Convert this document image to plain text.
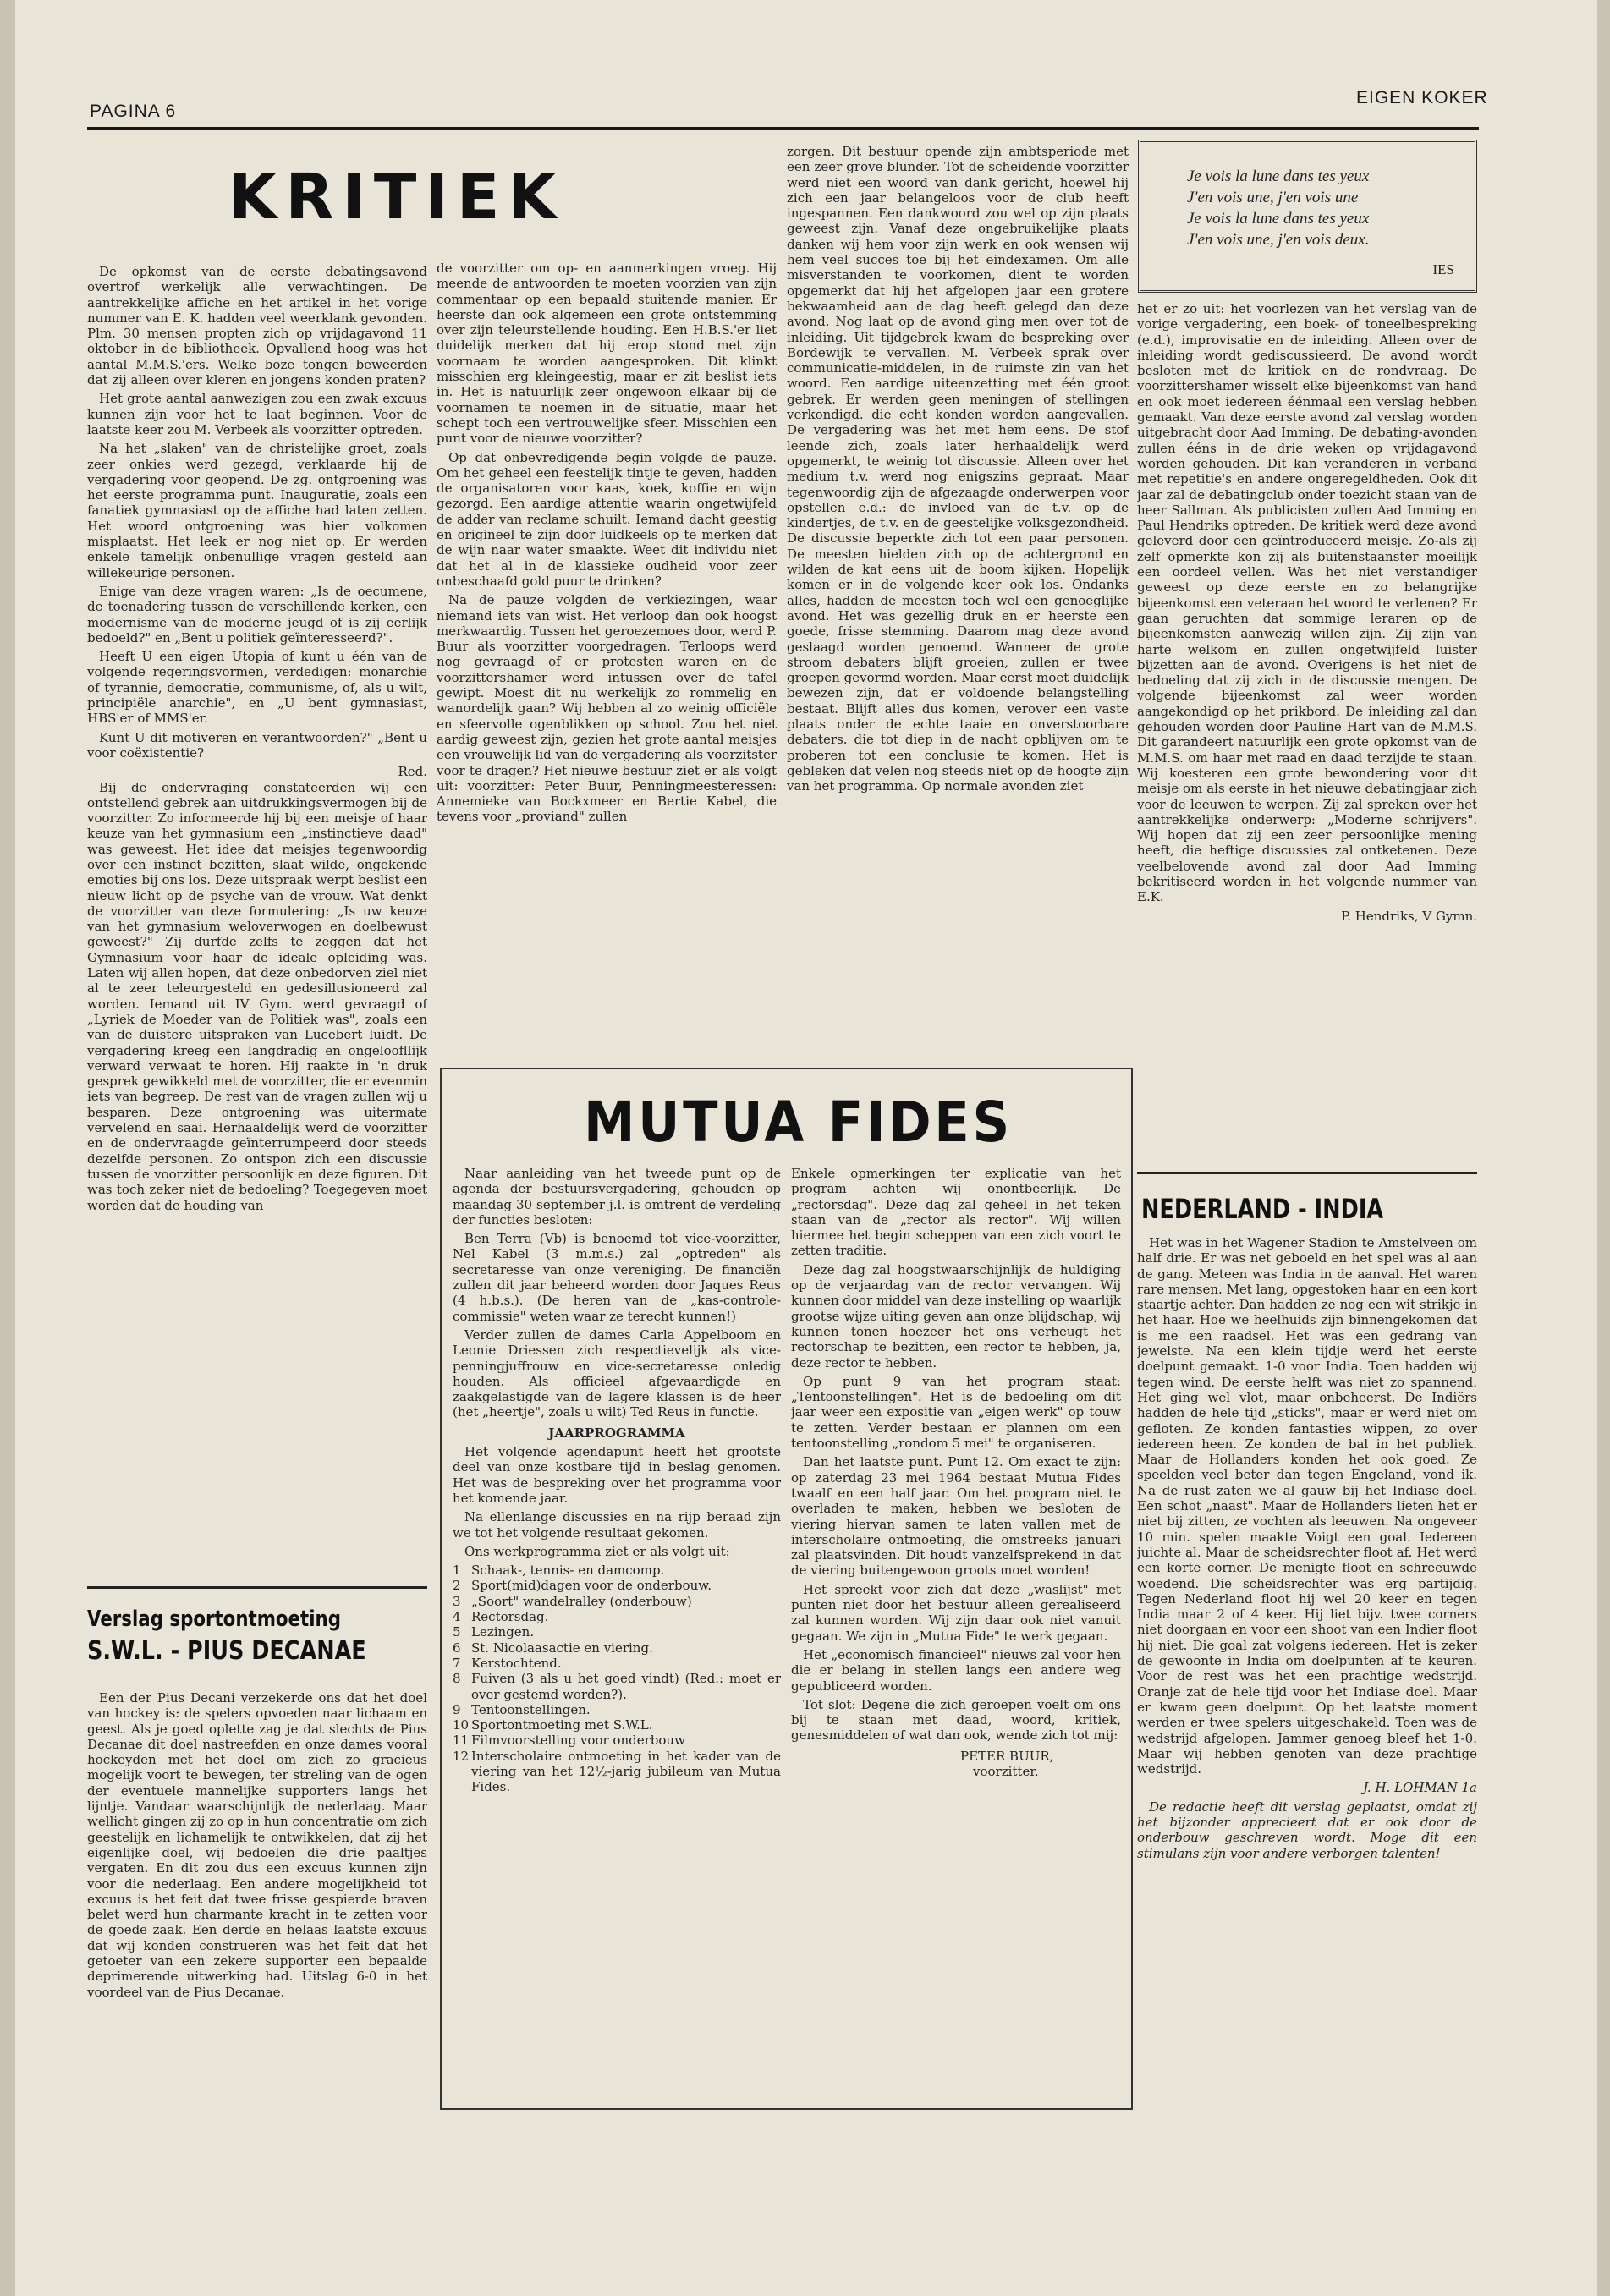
PAGINA 6
EIGEN KOKER
KRITIEK

De opkomst van de eerste debatingsavond overtrof werkelijk alle verwachtingen. De aantrekkelijke affiche en het artikel in het vorige nummer van E. K. hadden veel weerklank gevonden. Plm. 30 mensen propten zich op vrijdagavond 11 oktober in de bibliotheek. Opvallend hoog was het aantal M.M.S.'ers. Welke boze tongen beweerden dat zij alleen over kleren en jongens konden praten?

Het grote aantal aanwezigen zou een zwak excuus kunnen zijn voor het te laat beginnen. Voor de laatste keer zou M. Verbeek als voorzitter optreden.

Na het „slaken" van de christelijke groet, zoals zeer onkies werd gezegd, verklaarde hij de vergadering voor geopend. De zg. ontgroening was het eerste programma punt. Inauguratie, zoals een fanatiek gymnasiast op de affiche had laten zetten. Het woord ontgroening was hier volkomen misplaatst. Het leek er nog niet op. Er werden enkele tamelijk onbenullige vragen gesteld aan willekeurige personen.

Enige van deze vragen waren: „Is de oecumene, de toenadering tussen de verschillende kerken, een modernisme van de moderne jeugd of is zij eerlijk bedoeld?" en „Bent u politiek geïnteresseerd?".

Heeft U een eigen Utopia of kunt u één van de volgende regeringsvormen, verdedigen: monarchie of tyrannie, democratie, communisme, of, als u wilt, principiële anarchie", en „U bent gymnasiast, HBS'er of MMS'er.

Kunt U dit motiveren en verantwoorden?" „Bent u voor coëxistentie?

Red.

Bij de ondervraging constateerden wij een ontstellend gebrek aan uitdrukkingsvermogen bij de voorzitter. Zo informeerde hij bij een meisje of haar keuze van het gymnasium een „instinctieve daad" was geweest. Het idee dat meisjes tegenwoordig over een instinct bezitten, slaat wilde, ongekende emoties bij ons los. Deze uitspraak werpt beslist een nieuw licht op de psyche van de vrouw. Wat denkt de voorzitter van deze formulering: „Is uw keuze van het gymnasium weloverwogen en doelbewust geweest?" Zij durfde zelfs te zeggen dat het Gymnasium voor haar de ideale opleiding was. Laten wij allen hopen, dat deze onbedorven ziel niet al te zeer teleurgesteld en gedesillusioneerd zal worden. Iemand uit IV Gym. werd gevraagd of „Lyriek de Moeder van de Politiek was", zoals een van de duistere uitspraken van Lucebert luidt. De vergadering kreeg een langdradig en ongeloofllijk verward verwaat te horen. Hij raakte in 'n druk gesprek gewikkeld met de voorzitter, die er evenmin iets van begreep. De rest van de vragen zullen wij u besparen. Deze ontgroening was uitermate vervelend en saai. Herhaaldelijk werd de voorzitter en de ondervraagde geïnterrumpeerd door steeds dezelfde personen. Zo ontspon zich een discussie tussen de voorzitter persoonlijk en deze figuren. Dit was toch zeker niet de bedoeling? Toegegeven moet worden dat de houding van

de voorzitter om op- en aanmerkingen vroeg. Hij meende de antwoorden te moeten voorzien van zijn commentaar op een bepaald stuitende manier. Er heerste dan ook algemeen een grote ontstemming over zijn teleurstellende houding. Een H.B.S.'er liet duidelijk merken dat hij erop stond met zijn voornaam te worden aangesproken. Dit klinkt misschien erg kleingeestig, maar er zit beslist iets in. Het is natuurlijk zeer ongewoon elkaar bij de voornamen te noemen in de situatie, maar het schept toch een vertrouwelijke sfeer. Misschien een punt voor de nieuwe voorzitter?

Op dat onbevredigende begin volgde de pauze. Om het geheel een feestelijk tintje te geven, hadden de organisatoren voor kaas, koek, koffie en wijn gezorgd. Een aardige attentie waarin ongetwijfeld de adder van reclame schuilt. Iemand dacht geestig en origineel te zijn door luidkeels op te merken dat de wijn naar water smaakte. Weet dit individu niet dat het al in de klassieke oudheid voor zeer onbeschaafd gold puur te drinken?

Na de pauze volgden de verkiezingen, waar niemand iets van wist. Het verloop dan ook hoogst merkwaardig. Tussen het geroezemoes door, werd P. Buur als voorzitter voorgedragen. Terloops werd nog gevraagd of er protesten waren en de voorzittershamer werd intussen over de tafel gewipt. Moest dit nu werkelijk zo rommelig en wanordelijk gaan? Wij hebben al zo weinig officiële en sfeervolle ogenblikken op school. Zou het niet aardig geweest zijn, gezien het grote aantal meisjes een vrouwelijk lid van de vergadering als voorzitster voor te dragen? Het nieuwe bestuur ziet er als volgt uit: voorzitter: Peter Buur, Penningmeesteressen: Annemieke van Bockxmeer en Bertie Kabel, die tevens voor „proviand" zullen

zorgen. Dit bestuur opende zijn ambtsperiode met een zeer grove blunder. Tot de scheidende voorzitter werd niet een woord van dank gericht, hoewel hij zich een jaar belangeloos voor de club heeft ingespannen. Een dankwoord zou wel op zijn plaats geweest zijn. Vanaf deze ongebruikelijke plaats danken wij hem voor zijn werk en ook wensen wij hem veel succes toe bij het eindexamen. Om alle misverstanden te voorkomen, dient te worden opgemerkt dat hij het afgelopen jaar een grotere bekwaamheid aan de dag heeft gelegd dan deze avond. Nog laat op de avond ging men over tot de inleiding. Uit tijdgebrek kwam de bespreking over Bordewijk te vervallen. M. Verbeek sprak over communicatie-middelen, in de ruimste zin van het woord. Een aardige uiteenzetting met één groot gebrek. Er werden geen meningen of stellingen verkondigd. die echt konden worden aangevallen. De vergadering was het met hem eens. De stof leende zich, zoals later herhaaldelijk werd opgemerkt, te weinig tot discussie. Alleen over het medium t.v. werd nog enigszins gepraat. Maar tegenwoordig zijn de afgezaagde onderwerpen voor opstellen e.d.: de invloed van de t.v. op de kindertjes, de t.v. en de geestelijke volksgezondheid. De discussie beperkte zich tot een paar personen. De meesten hielden zich op de achtergrond en wilden de kat eens uit de boom kijken. Hopelijk komen er in de volgende keer ook los. Ondanks alles, hadden de meesten toch wel een genoeglijke avond. Het was gezellig druk en er heerste een goede, frisse stemming. Daarom mag deze avond geslaagd worden genoemd. Wanneer de grote stroom debaters blijft groeien, zullen er twee groepen gevormd worden. Maar eerst moet duidelijk bewezen zijn, dat er voldoende belangstelling bestaat. Blijft alles dus komen, verover een vaste plaats onder de echte taaie en onverstoorbare debaters. die tot diep in de nacht opblijven om te proberen tot een conclusie te komen. Het is gebleken dat velen nog steeds niet op de hoogte zijn van het programma. Op normale avonden ziet

Je vois la lune dans tes yeux
J'en vois une, j'en vois une
Je vois la lune dans tes yeux
J'en vois une, j'en vois deux.
IES

het er zo uit: het voorlezen van het verslag van de vorige vergadering, een boek- of toneelbespreking (e.d.), improvisatie en de inleiding. Alleen over de inleiding wordt gediscussieerd. De avond wordt besloten met de kritiek en de rondvraag. De voorzittershamer wisselt elke bijeenkomst van hand en ook moet iedereen éénmaal een verslag hebben gemaakt. Van deze eerste avond zal verslag worden uitgebracht door Aad Imming. De debating-avonden zullen ééns in de drie weken op vrijdagavond worden gehouden. Dit kan veranderen in verband met repetitie's en andere ongeregeldheden. Ook dit jaar zal de debatingclub onder toezicht staan van de heer Sallman. Als publicisten zullen Aad Imming en Paul Hendriks optreden. De kritiek werd deze avond geleverd door een geïntroduceerd meisje. Zo-als zij zelf opmerkte kon zij als buitenstaanster moeilijk een oordeel vellen. Was het niet verstandiger geweest op deze eerste en zo belangrijke bijeenkomst een veteraan het woord te verlenen? Er gaan geruchten dat sommige leraren op de bijeenkomsten aanwezig willen zijn. Zij zijn van harte welkom en zullen ongetwijfeld luister bijzetten aan de avond. Overigens is het niet de bedoeling dat zij zich in de discussie mengen. De volgende bijeenkomst zal weer worden aangekondigd op het prikbord. De inleiding zal dan gehouden worden door Pauline Hart van de M.M.S. Dit garandeert natuurlijk een grote opkomst van de M.M.S. om haar met raad en daad terzijde te staan. Wij koesteren een grote bewondering voor dit meisje om als eerste in het nieuwe debatingjaar zich voor de leeuwen te werpen. Zij zal spreken over het aantrekkelijke onderwerp: „Moderne schrijvers". Wij hopen dat zij een zeer persoonlijke mening heeft, die heftige discussies zal ontketenen. Deze veelbelovende avond zal door Aad Imming bekritiseerd worden in het volgende nummer van E.K.

P. Hendriks, V Gymn.
Verslag sportontmoeting
S.W.L. - PIUS DECANAE

Een der Pius Decani verzekerde ons dat het doel van hockey is: de spelers opvoeden naar lichaam en geest. Als je goed oplette zag je dat slechts de Pius Decanae dit doel nastreefden en onze dames vooral hockeyden met het doel om zich zo gracieus mogelijk voort te bewegen, ter streling van de ogen der eventuele mannelijke supporters langs het lijntje. Vandaar waarschijnlijk de nederlaag. Maar wellicht gingen zij zo op in hun concentratie om zich geestelijk en lichamelijk te ontwikkelen, dat zij het eigenlijke doel, wij bedoelen die drie paaltjes vergaten. En dit zou dus een excuus kunnen zijn voor die nederlaag. Een andere mogelijkheid tot excuus is het feit dat twee frisse gespierde braven belet werd hun charmante kracht in te zetten voor de goede zaak. Een derde en helaas laatste excuus dat wij konden construeren was het feit dat het getoeter van een zekere supporter een bepaalde deprimerende uitwerking had. Uitslag 6-0 in het voordeel van de Pius Decanae.

MUTUA FIDES

Naar aanleiding van het tweede punt op de agenda der bestuursvergadering, gehouden op maandag 30 september j.l. is omtrent de verdeling der functies besloten:

Ben Terra (Vb) is benoemd tot vice-voorzitter, Nel Kabel (3 m.m.s.) zal „optreden" als secretaresse van onze vereniging. De financiën zullen dit jaar beheerd worden door Jaques Reus (4 h.b.s.). (De heren van de „kas-controle-commissie" weten waar ze terecht kunnen!)

Verder zullen de dames Carla Appelboom en Leonie Driessen zich respectievelijk als vice-penningjuffrouw en vice-secretaresse onledig houden. Als officieel afgevaardigde en zaakgelastigde van de lagere klassen is de heer (het „heertje", zoals u wilt) Ted Reus in functie.

JAARPROGRAMMA

Het volgende agendapunt heeft het grootste deel van onze kostbare tijd in beslag genomen. Het was de bespreking over het programma voor het komende jaar.

Na ellenlange discussies en na rijp beraad zijn we tot het volgende resultaat gekomen.

Ons werkprogramma ziet er als volgt uit:

1 Schaak-, tennis- en damcomp.
2 Sport(mid)dagen voor de onderbouw.
3 „Soort" wandelralley (onderbouw)
4 Rectorsdag.
5 Lezingen.
6 St. Nicolaasactie en viering.
7 Kerstochtend.
8 Fuiven (3 als u het goed vindt) (Red.: moet er over gestemd worden?).
9 Tentoonstellingen.
10 Sportontmoeting met S.W.L.
11 Filmvoorstelling voor onderbouw
12 Interscholaire ontmoeting in het kader van de viering van het 12½-jarig jubileum van Mutua Fides.

Enkele opmerkingen ter explicatie van het program achten wij onontbeerlijk. De „rectorsdag". Deze dag zal geheel in het teken staan van de „rector als rector". Wij willen hiermee het begin scheppen van een zich voort te zetten traditie.

Deze dag zal hoogstwaarschijnlijk de huldiging op de verjaardag van de rector vervangen. Wij kunnen door middel van deze instelling op waarlijk grootse wijze uiting geven aan onze blijdschap, wij kunnen tonen hoezeer het ons verheugt het rectorschap te bezitten, een rector te hebben, ja, deze rector te hebben.

Op punt 9 van het program staat: „Tentoonstellingen". Het is de bedoeling om dit jaar weer een expositie van „eigen werk" op touw te zetten. Verder bestaan er plannen om een tentoonstelling „rondom 5 mei" te organiseren.

Dan het laatste punt. Punt 12. Om exact te zijn: op zaterdag 23 mei 1964 bestaat Mutua Fides twaalf en een half jaar. Om het program niet te overladen te maken, hebben we besloten de viering hiervan samen te laten vallen met de interscholaire ontmoeting, die omstreeks januari zal plaatsvinden. Dit houdt vanzelfsprekend in dat de viering buitengewoon groots moet worden!

Het spreekt voor zich dat deze „waslijst" met punten niet door het bestuur alleen gerealiseerd zal kunnen worden. Wij zijn daar ook niet vanuit gegaan. We zijn in „Mutua Fide" te werk gegaan.

Het „economisch financieel" nieuws zal voor hen die er belang in stellen langs een andere weg gepubliceerd worden.

Tot slot: Degene die zich geroepen voelt om ons bij te staan met daad, woord, kritiek, genesmiddelen of wat dan ook, wende zich tot mij:

PETER BUUR,
voorzitter.
NEDERLAND - INDIA

Het was in het Wagener Stadion te Amstelveen om half drie. Er was net geboeld en het spel was al aan de gang. Meteen was India in de aanval. Het waren rare mensen. Met lang, opgestoken haar en een kort staartje achter. Dan hadden ze nog een wit strikje in het haar. Hoe we heelhuids zijn binnengekomen dat is me een raadsel. Het was een gedrang van jewelste. Na een klein tijdje werd het eerste doelpunt gemaakt. 1-0 voor India. Toen hadden wij tegen wind. De eerste helft was niet zo spannend. Het ging wel vlot, maar onbeheerst. De Indiërs hadden de hele tijd „sticks", maar er werd niet om gefloten. Ze konden fantasties wippen, zo over iedereen heen. Ze konden de bal in het publiek. Maar de Hollanders konden het ook goed. Ze speelden veel beter dan tegen Engeland, vond ik. Na de rust zaten we al gauw bij het Indiase doel. Een schot „naast". Maar de Hollanders lieten het er niet bij zitten, ze vochten als leeuwen. Na ongeveer 10 min. spelen maakte Voigt een goal. Iedereen juichte al. Maar de scheidsrechter floot af. Het werd een korte corner. De menigte floot en schreeuwde woedend. Die scheidsrechter was erg partijdig. Tegen Nederland floot hij wel 20 keer en tegen India maar 2 of 4 keer. Hij liet bijv. twee corners niet doorgaan en voor een shoot van een Indier floot hij niet. Die goal zat volgens iedereen. Het is zeker de gewoonte in India om doelpunten af te keuren. Voor de rest was het een prachtige wedstrijd. Oranje zat de hele tijd voor het Indiase doel. Maar er kwam geen doelpunt. Op het laatste moment werden er twee spelers uitgeschakeld. Toen was de wedstrijd afgelopen. Jammer genoeg bleef het 1-0. Maar wij hebben genoten van deze prachtige wedstrijd.

J. H. LOHMAN 1a

De redactie heeft dit verslag geplaatst, omdat zij het bijzonder apprecieert dat er ook door de onderbouw geschreven wordt. Moge dit een stimulans zijn voor andere verborgen talenten!
